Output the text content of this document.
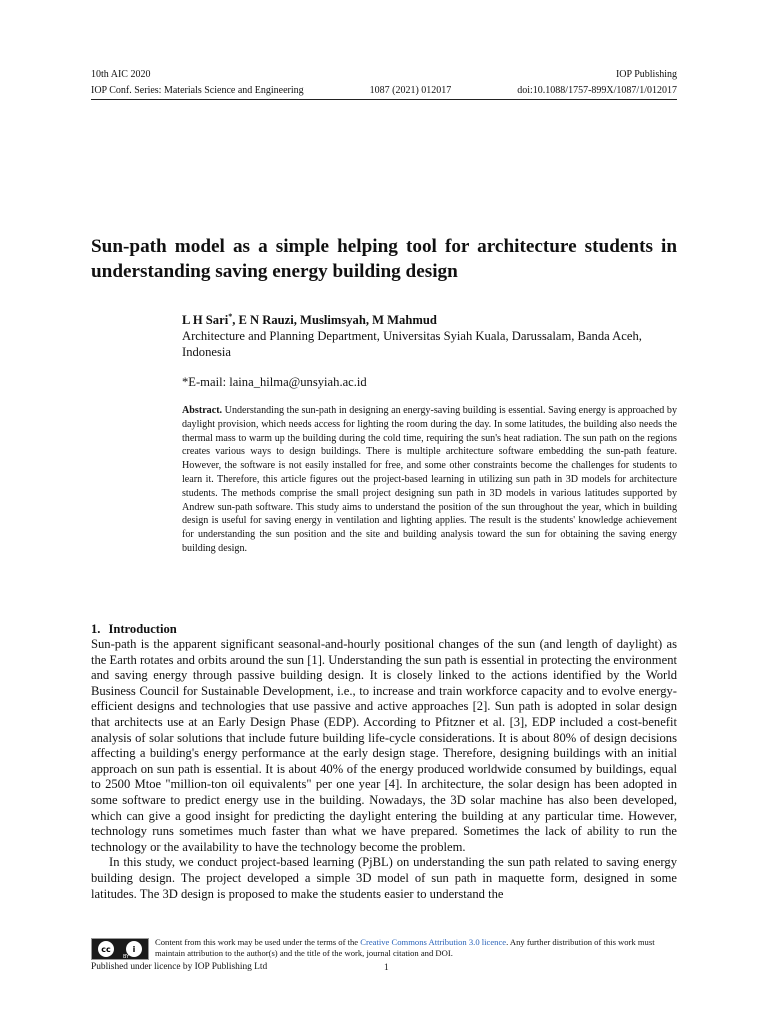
10th AIC 2020	IOP Publishing
IOP Conf. Series: Materials Science and Engineering	1087 (2021) 012017	doi:10.1088/1757-899X/1087/1/012017
Sun-path model as a simple helping tool for architecture students in understanding saving energy building design
L H Sari*, E N Rauzi, Muslimsyah, M Mahmud
Architecture and Planning Department, Universitas Syiah Kuala, Darussalam, Banda Aceh, Indonesia
*E-mail: laina_hilma@unsyiah.ac.id
Abstract. Understanding the sun-path in designing an energy-saving building is essential. Saving energy is approached by daylight provision, which needs access for lighting the room during the day. In some latitudes, the building also needs the thermal mass to warm up the building during the cold time, requiring the sun's heat radiation. The sun path on the regions creates various ways to design buildings. There is multiple architecture software embedding the sun-path feature. However, the software is not easily installed for free, and some other constraints become the challenges for students to learn it. Therefore, this article figures out the project-based learning in utilizing sun path in 3D models for architecture students. The methods comprise the small project designing sun path in 3D models in various latitudes supported by Andrew sun-path software. This study aims to understand the position of the sun throughout the year, which in building design is useful for saving energy in ventilation and lighting applies. The result is the students' knowledge achievement for understanding the sun position and the site and building analysis toward the sun for obtaining the saving energy building design.
1. Introduction

Sun-path is the apparent significant seasonal-and-hourly positional changes of the sun (and length of daylight) as the Earth rotates and orbits around the sun [1]. Understanding the sun path is essential in protecting the environment and saving energy through passive building design. It is closely linked to the actions identified by the World Business Council for Sustainable Development, i.e., to increase and train workforce capacity and to evolve energy-efficient designs and technologies that use passive and active approaches [2]. Sun path is adopted in solar design that architects use at an Early Design Phase (EDP). According to Pfitzner et al. [3], EDP included a cost-benefit analysis of solar solutions that include future building life-cycle considerations. It is about 80% of design decisions affecting a building's energy performance at the early design stage. Therefore, designing buildings with an initial approach on sun path is essential. It is about 40% of the energy produced worldwide consumed by buildings, equal to 2500 Mtoe "million-ton oil equivalents" per one year [4]. In architecture, the solar design has been adopted in some software to predict energy use in the building. Nowadays, the 3D solar machine has also been developed, which can give a good insight for predicting the daylight entering the building at any particular time. However, technology runs sometimes much faster than what we have prepared. Sometimes the lack of ability to run the technology or the availability to have the technology become the problem.

In this study, we conduct project-based learning (PjBL) on understanding the sun path related to saving energy building design. The project developed a simple 3D model of sun path in maquette form, designed in some latitudes. The 3D design is proposed to make the students easier to understand the

cc	i
BY
Content from this work may be used under the terms of the Creative Commons Attribution 3.0 licence. Any further distribution of this work must maintain attribution to the author(s) and the title of the work, journal citation and DOI.
Published under licence by IOP Publishing Ltd	1
